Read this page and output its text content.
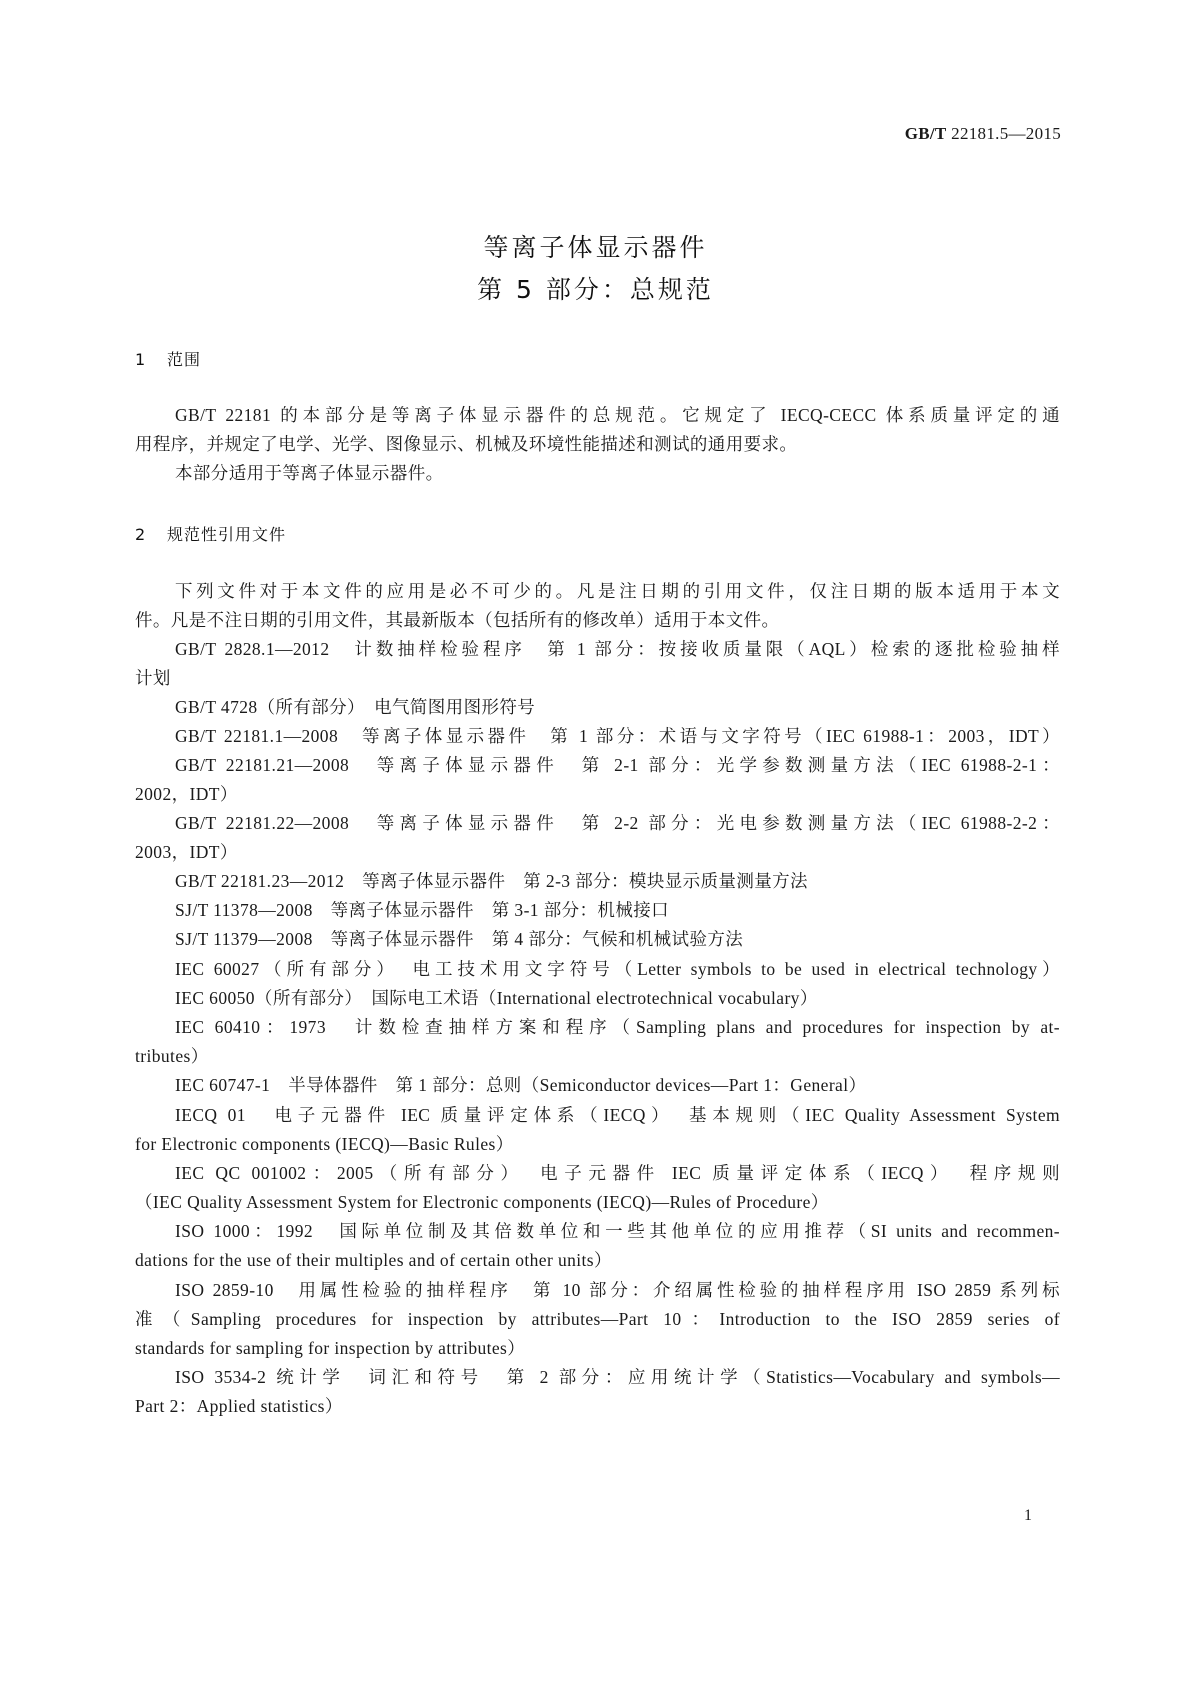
GB/T 22181.5—2015
等离子体显示器件
第 5 部分：总规范
1 范围
GB/T 22181 的本部分是等离子体显示器件的总规范。它规定了 IECQ-CECC 体系质量评定的通
用程序，并规定了电学、光学、图像显示、机械及环境性能描述和测试的通用要求。
本部分适用于等离子体显示器件。
2 规范性引用文件
下列文件对于本文件的应用是必不可少的。凡是注日期的引用文件，仅注日期的版本适用于本文
件。凡是不注日期的引用文件，其最新版本（包括所有的修改单）适用于本文件。
GB/T 2828.1—2012　计数抽样检验程序　第 1 部分：按接收质量限（AQL）检索的逐批检验抽样
计划
GB/T 4728（所有部分）　电气简图用图形符号
GB/T 22181.1—2008　等离子体显示器件　第 1 部分：术语与文字符号（IEC 61988-1：2003，IDT）
GB/T 22181.21—2008　等离子体显示器件　第 2-1 部分：光学参数测量方法（IEC 61988-2-1：
2002，IDT）
GB/T 22181.22—2008　等离子体显示器件　第 2-2 部分：光电参数测量方法（IEC 61988-2-2：
2003，IDT）
GB/T 22181.23—2012　等离子体显示器件　第 2-3 部分：模块显示质量测量方法
SJ/T 11378—2008　等离子体显示器件　第 3-1 部分：机械接口
SJ/T 11379—2008　等离子体显示器件　第 4 部分：气候和机械试验方法
IEC 60027（所有部分）　电工技术用文字符号（Letter symbols to be used in electrical technology）
IEC 60050（所有部分）　国际电工术语（International electrotechnical vocabulary）
IEC 60410：1973　计数检查抽样方案和程序（Sampling plans and procedures for inspection by at-
tributes）
IEC 60747-1　半导体器件　第 1 部分：总则（Semiconductor devices—Part 1：General）
IECQ 01　电子元器件 IEC 质量评定体系（IECQ）　基本规则（IEC Quality Assessment System
for Electronic components (IECQ)—Basic Rules）
IEC QC 001002：2005（所有部分）　电子元器件 IEC 质量评定体系（IECQ）　程序规则
（IEC Quality Assessment System for Electronic components (IECQ)—Rules of Procedure）
ISO 1000：1992　国际单位制及其倍数单位和一些其他单位的应用推荐（SI units and recommen-
dations for the use of their multiples and of certain other units）
ISO 2859-10　用属性检验的抽样程序　第 10 部分：介绍属性检验的抽样程序用 ISO 2859 系列标
准（Sampling procedures for inspection by attributes—Part 10：Introduction to the ISO 2859 series of
standards for sampling for inspection by attributes）
ISO 3534-2 统计学　词汇和符号　第 2 部分：应用统计学（Statistics—Vocabulary and symbols—
Part 2：Applied statistics）
1
